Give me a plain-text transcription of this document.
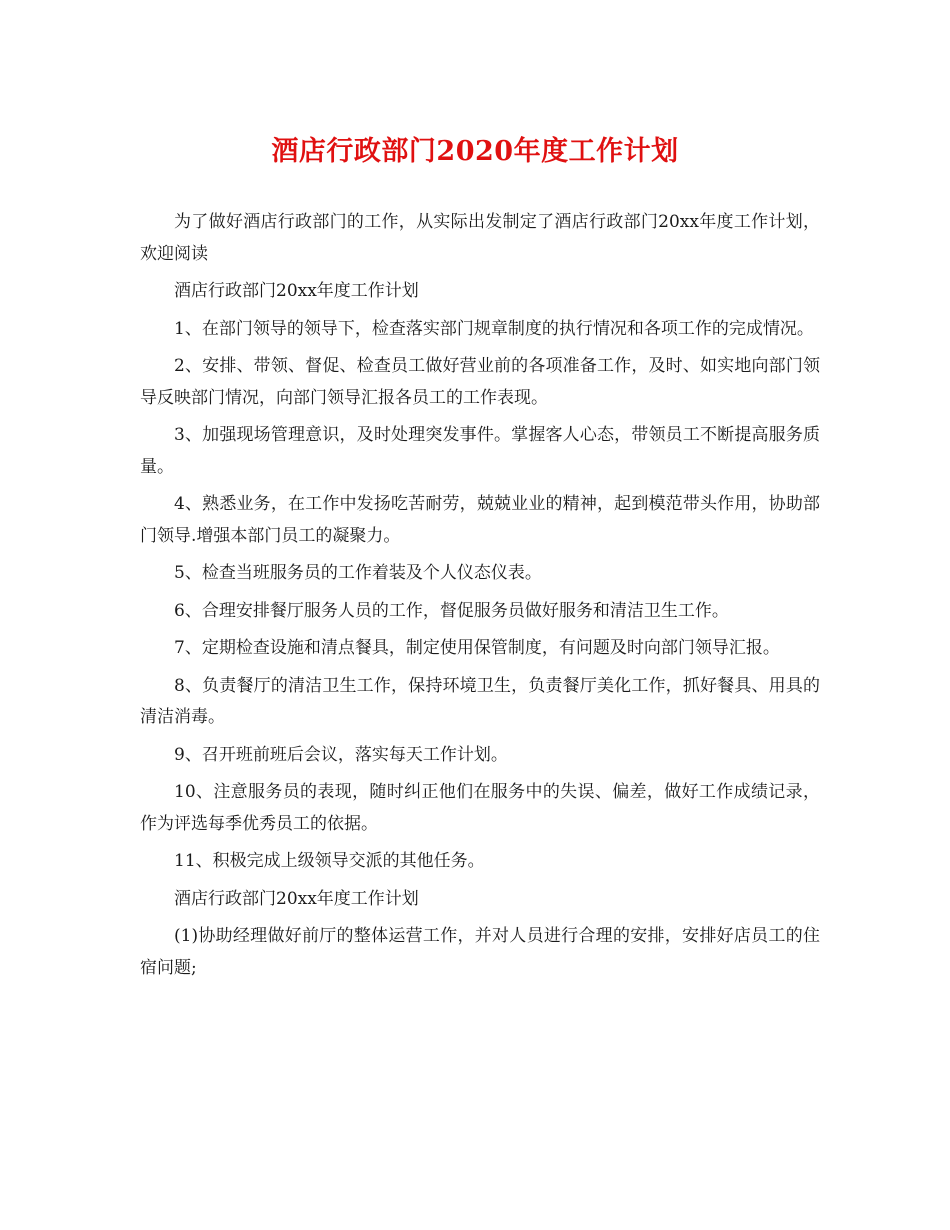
酒店行政部门2020年度工作计划

为了做好酒店行政部门的工作，从实际出发制定了酒店行政部门20xx年度工作计划，欢迎阅读

酒店行政部门20xx年度工作计划

1、在部门领导的领导下，检查落实部门规章制度的执行情况和各项工作的完成情况。

2、安排、带领、督促、检查员工做好营业前的各项准备工作，及时、如实地向部门领导反映部门情况，向部门领导汇报各员工的工作表现。

3、加强现场管理意识，及时处理突发事件。掌握客人心态，带领员工不断提高服务质量。

4、熟悉业务，在工作中发扬吃苦耐劳，兢兢业业的精神，起到模范带头作用，协助部门领导.增强本部门员工的凝聚力。

5、检查当班服务员的工作着装及个人仪态仪表。

6、合理安排餐厅服务人员的工作，督促服务员做好服务和清洁卫生工作。

7、定期检查设施和清点餐具，制定使用保管制度，有问题及时向部门领导汇报。

8、负责餐厅的清洁卫生工作，保持环境卫生，负责餐厅美化工作，抓好餐具、用具的清洁消毒。

9、召开班前班后会议，落实每天工作计划。

10、注意服务员的表现，随时纠正他们在服务中的失误、偏差，做好工作成绩记录，作为评选每季优秀员工的依据。

11、积极完成上级领导交派的其他任务。

酒店行政部门20xx年度工作计划

(1)协助经理做好前厅的整体运营工作，并对人员进行合理的安排，安排好店员工的住宿问题;
